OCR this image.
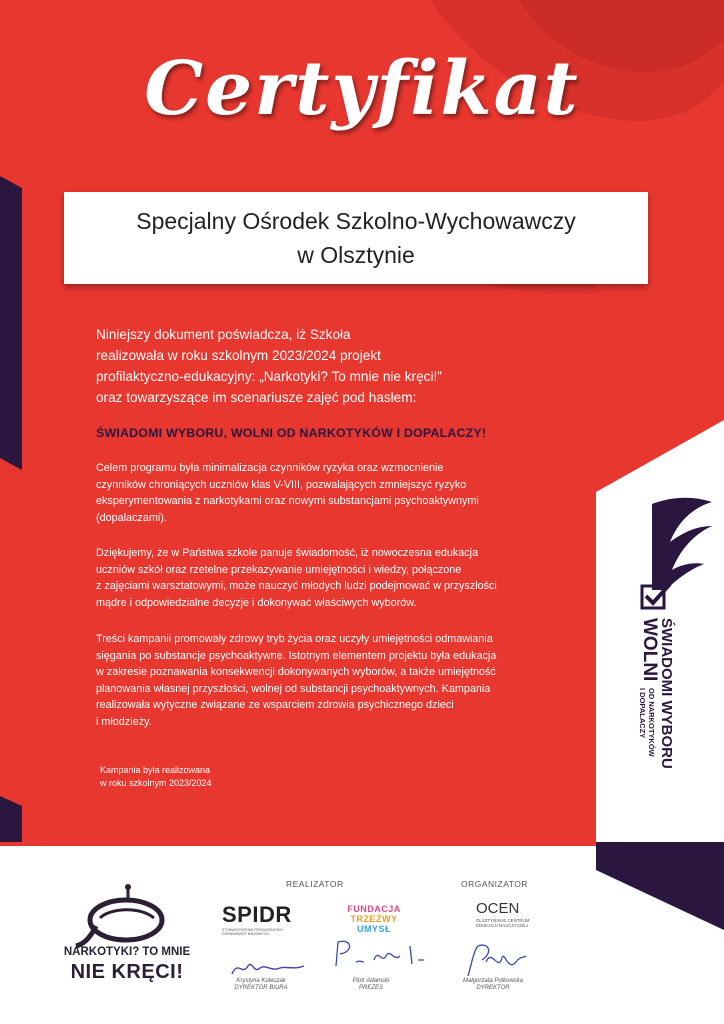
Certyfikat
Specjalny Ośrodek Szkolno-Wychowawczy
w Olsztynie
Niniejszy dokument poświadcza, iż Szkoła
realizowała w roku szkolnym 2023/2024 projekt
profilaktyczno-edukacyjny: „Narkotyki? To mnie nie kręci!”
oraz towarzyszące im scenariusze zajęć pod hasłem:
ŚWIADOMI WYBORU, WOLNI OD NARKOTYKÓW I DOPALACZY!
Celem programu była minimalizacja czynników ryzyka oraz wzmocnienie
czynników chroniących uczniów klas V-VIII, pozwalających zmniejszyć ryzyko
eksperymentowania z narkotykami oraz nowymi substancjami psychoaktywnymi
(dopalaczami).
Dziękujemy, że w Państwa szkole panuje świadomość, iż nowoczesna edukacja
uczniów szkół oraz rzetelne przekazywanie umiejętności i wiedzy, połączone
z zajęciami warsztatowymi, może nauczyć młodych ludzi podejmować w przyszłości
mądre i odpowiedzialne decyzje i dokonywać właściwych wyborów.
Treści kampanii promowały zdrowy tryb życia oraz uczyły umiejętności odmawiania
sięgania po substancje psychoaktywne. Istotnym elementem projektu była edukacja
w zakresie poznawania konsekwencji dokonywanych wyborów, a także umiejętność
planowania własnej przyszłości, wolnej od substancji psychoaktywnych. Kampania
realizowała wytyczne związane ze wsparciem zdrowia psychicznego dzieci
i młodzieży.
Kampania była realizowana
w roku szkolnym 2023/2024
ŚWIADOMI WYBORU
WOLNI
OD NARKOTYKÓW
I DOPALACZY
REALIZATOR	ORGANIZATOR
NARKOTYKI? TO MNIE
NIE KRĘCI!
SPIDR
STOWARZYSZENIE PRODUCENTÓW I DZIENNIKARZY RADIOWYCH
FUNDACJA
TRZEŹWY
UMYSŁ
OCEN
OLSZTYŃSKIE CENTRUM EDUKACJI NAUCZYCIELI
Krystyna Kuleczak
DYREKTOR BIURA
Piotr Adamski
PREZES
Małgorzata Polkowska
DYREKTOR
